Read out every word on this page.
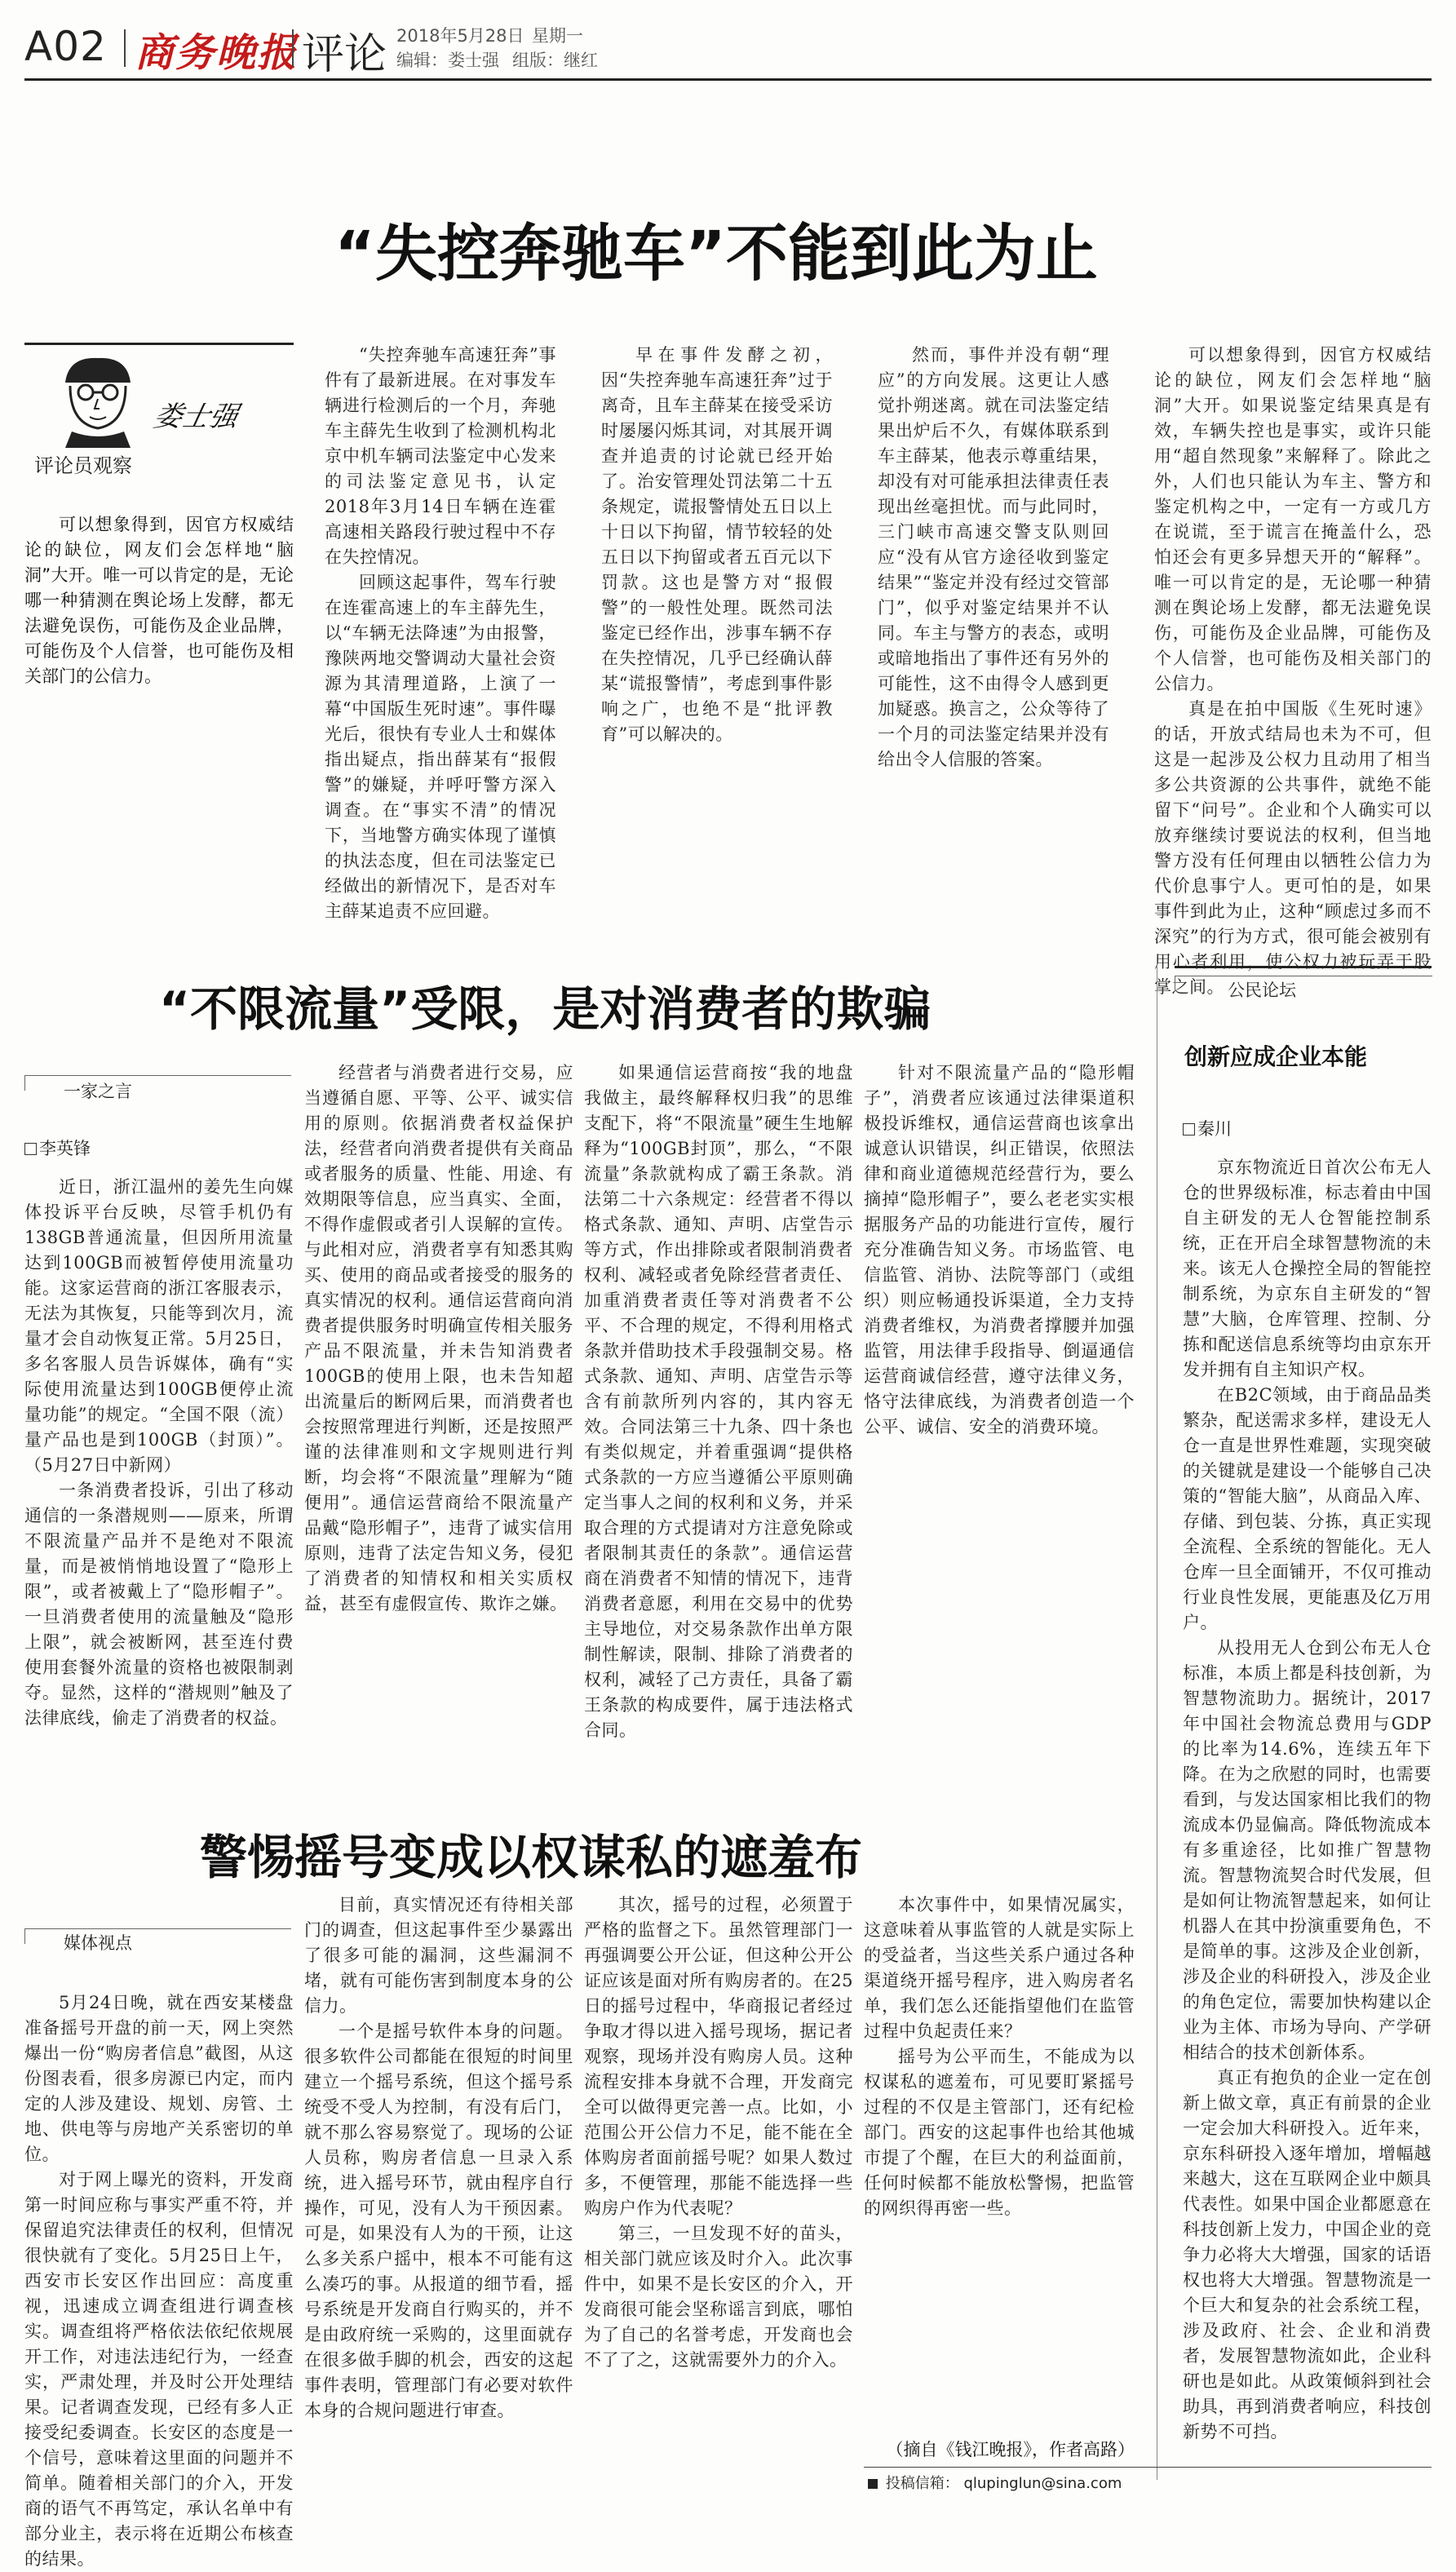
A02 商务晚报 评论 2018年5月28日 星期一
编辑：娄士强 组版：继红
“失控奔驰车”不能到此为止
娄士强
评论员观察
可以想象得到，因官方权威结论的缺位，网友们会怎样地“脑洞”大开。唯一可以肯定的是，无论哪一种猜测在舆论场上发酵，都无法避免误伤，可能伤及企业品牌，可能伤及个人信誉，也可能伤及相关部门的公信力。

“失控奔驰车高速狂奔”事件有了最新进展。在对事发车辆进行检测后的一个月，奔驰车主薛先生收到了检测机构北京中机车辆司法鉴定中心发来的司法鉴定意见书，认定2018年3月14日车辆在连霍高速相关路段行驶过程中不存在失控情况。

回顾这起事件，驾车行驶在连霍高速上的车主薛先生，以“车辆无法降速”为由报警，豫陕两地交警调动大量社会资源为其清理道路，上演了一幕“中国版生死时速”。事件曝光后，很快有专业人士和媒体指出疑点，指出薛某有“报假警”的嫌疑，并呼吁警方深入调查。在“事实不清”的情况下，当地警方确实体现了谨慎的执法态度，但在司法鉴定已经做出的新情况下，是否对车主薛某追责不应回避。

早在事件发酵之初，因“失控奔驰车高速狂奔”过于离奇，且车主薛某在接受采访时屡屡闪烁其词，对其展开调查并追责的讨论就已经开始了。治安管理处罚法第二十五条规定，谎报警情处五日以上十日以下拘留，情节较轻的处五日以下拘留或者五百元以下罚款。这也是警方对“报假警”的一般性处理。既然司法鉴定已经作出，涉事车辆不存在失控情况，几乎已经确认薛某“谎报警情”，考虑到事件影响之广，也绝不是“批评教育”可以解决的。

然而，事件并没有朝“理应”的方向发展。这更让人感觉扑朔迷离。就在司法鉴定结果出炉后不久，有媒体联系到车主薛某，他表示尊重结果，却没有对可能承担法律责任表现出丝毫担忧。而与此同时，三门峡市高速交警支队则回应“没有从官方途径收到鉴定结果”“鉴定并没有经过交管部门”，似乎对鉴定结果并不认同。车主与警方的表态，或明或暗地指出了事件还有另外的可能性，这不由得令人感到更加疑惑。换言之，公众等待了一个月的司法鉴定结果并没有给出令人信服的答案。

可以想象得到，因官方权威结论的缺位，网友们会怎样地“脑洞”大开。如果说鉴定结果真是有效，车辆失控也是事实，或许只能用“超自然现象”来解释了。除此之外，人们也只能认为车主、警方和鉴定机构之中，一定有一方或几方在说谎，至于谎言在掩盖什么，恐怕还会有更多异想天开的“解释”。唯一可以肯定的是，无论哪一种猜测在舆论场上发酵，都无法避免误伤，可能伤及企业品牌，可能伤及个人信誉，也可能伤及相关部门的公信力。

真是在拍中国版《生死时速》的话，开放式结局也未为不可，但这是一起涉及公权力且动用了相当多公共资源的公共事件，就绝不能留下“问号”。企业和个人确实可以放弃继续讨要说法的权利，但当地警方没有任何理由以牺牲公信力为代价息事宁人。更可怕的是，如果事件到此为止，这种“顾虑过多而不深究”的行为方式，很可能会被别有用心者利用，使公权力被玩弄于股掌之间。

“不限流量”受限，是对消费者的欺骗
一家之言
李英锋

近日，浙江温州的姜先生向媒体投诉平台反映，尽管手机仍有138GB普通流量，但因所用流量达到100GB而被暂停使用流量功能。这家运营商的浙江客服表示，无法为其恢复，只能等到次月，流量才会自动恢复正常。5月25日，多名客服人员告诉媒体，确有“实际使用流量达到100GB便停止流量功能”的规定。“全国不限（流）量产品也是到100GB（封顶）”。（5月27日中新网）

一条消费者投诉，引出了移动通信的一条潜规则——原来，所谓不限流量产品并不是绝对不限流量，而是被悄悄地设置了“隐形上限”，或者被戴上了“隐形帽子”。一旦消费者使用的流量触及“隐形上限”，就会被断网，甚至连付费使用套餐外流量的资格也被限制剥夺。显然，这样的“潜规则”触及了法律底线，偷走了消费者的权益。

经营者与消费者进行交易，应当遵循自愿、平等、公平、诚实信用的原则。依据消费者权益保护法，经营者向消费者提供有关商品或者服务的质量、性能、用途、有效期限等信息，应当真实、全面，不得作虚假或者引人误解的宣传。与此相对应，消费者享有知悉其购买、使用的商品或者接受的服务的真实情况的权利。通信运营商向消费者提供服务时明确宣传相关服务产品不限流量，并未告知消费者100GB的使用上限，也未告知超出流量后的断网后果，而消费者也会按照常理进行判断，还是按照严谨的法律准则和文字规则进行判断，均会将“不限流量”理解为“随便用”。通信运营商给不限流量产品戴“隐形帽子”，违背了诚实信用原则，违背了法定告知义务，侵犯了消费者的知情权和相关实质权益，甚至有虚假宣传、欺诈之嫌。

如果通信运营商按“我的地盘我做主，最终解释权归我”的思维支配下，将“不限流量”硬生生地解释为“100GB封顶”，那么，“不限流量”条款就构成了霸王条款。消法第二十六条规定：经营者不得以格式条款、通知、声明、店堂告示等方式，作出排除或者限制消费者权利、减轻或者免除经营者责任、加重消费者责任等对消费者不公平、不合理的规定，不得利用格式条款并借助技术手段强制交易。格式条款、通知、声明、店堂告示等含有前款所列内容的，其内容无效。合同法第三十九条、四十条也有类似规定，并着重强调“提供格式条款的一方应当遵循公平原则确定当事人之间的权利和义务，并采取合理的方式提请对方注意免除或者限制其责任的条款”。通信运营商在消费者不知情的情况下，违背消费者意愿，利用在交易中的优势主导地位，对交易条款作出单方限制性解读，限制、排除了消费者的权利，减轻了己方责任，具备了霸王条款的构成要件，属于违法格式合同。

针对不限流量产品的“隐形帽子”，消费者应该通过法律渠道积极投诉维权，通信运营商也该拿出诚意认识错误，纠正错误，依照法律和商业道德规范经营行为，要么摘掉“隐形帽子”，要么老老实实根据服务产品的功能进行宣传，履行充分准确告知义务。市场监管、电信监管、消协、法院等部门（或组织）则应畅通投诉渠道，全力支持消费者维权，为消费者撑腰并加强监管，用法律手段指导、倒逼通信运营商诚信经营，遵守法律义务，恪守法律底线，为消费者创造一个公平、诚信、安全的消费环境。

警惕摇号变成以权谋私的遮羞布
媒体视点

5月24日晚，就在西安某楼盘准备摇号开盘的前一天，网上突然爆出一份“购房者信息”截图，从这份图表看，很多房源已内定，而内定的人涉及建设、规划、房管、土地、供电等与房地产关系密切的单位。

对于网上曝光的资料，开发商第一时间应称与事实严重不符，并保留追究法律责任的权利，但情况很快就有了变化。5月25日上午，西安市长安区作出回应：高度重视，迅速成立调查组进行调查核实。调查组将严格依法依纪依规展开工作，对违法违纪行为，一经查实，严肃处理，并及时公开处理结果。记者调查发现，已经有多人正接受纪委调查。长安区的态度是一个信号，意味着这里面的问题并不简单。随着相关部门的介入，开发商的语气不再笃定，承认名单中有部分业主，表示将在近期公布核查的结果。

目前，真实情况还有待相关部门的调查，但这起事件至少暴露出了很多可能的漏洞，这些漏洞不堵，就有可能伤害到制度本身的公信力。

一个是摇号软件本身的问题。很多软件公司都能在很短的时间里建立一个摇号系统，但这个摇号系统受不受人为控制，有没有后门，就不那么容易察觉了。现场的公证人员称，购房者信息一旦录入系统，进入摇号环节，就由程序自行操作，可见，没有人为干预因素。可是，如果没有人为的干预，让这么多关系户摇中，根本不可能有这么凑巧的事。从报道的细节看，摇号系统是开发商自行购买的，并不是由政府统一采购的，这里面就存在很多做手脚的机会，西安的这起事件表明，管理部门有必要对软件本身的合规问题进行审查。

其次，摇号的过程，必须置于严格的监督之下。虽然管理部门一再强调要公开公证，但这种公开公证应该是面对所有购房者的。在25日的摇号过程中，华商报记者经过争取才得以进入摇号现场，据记者观察，现场并没有购房人员。这种流程安排本身就不合理，开发商完全可以做得更完善一点。比如，小范围公开公信力不足，能不能在全体购房者面前摇号呢？如果人数过多，不便管理，那能不能选择一些购房户作为代表呢？

第三，一旦发现不好的苗头，相关部门就应该及时介入。此次事件中，如果不是长安区的介入，开发商很可能会坚称谣言到底，哪怕为了自己的名誉考虑，开发商也会不了了之，这就需要外力的介入。

本次事件中，如果情况属实，这意味着从事监管的人就是实际上的受益者，当这些关系户通过各种渠道绕开摇号程序，进入购房者名单，我们怎么还能指望他们在监管过程中负起责任来？

摇号为公平而生，不能成为以权谋私的遮羞布，可见要盯紧摇号过程的不仅是主管部门，还有纪检部门。西安的这起事件也给其他城市提了个醒，在巨大的利益面前，任何时候都不能放松警惕，把监管的网织得再密一些。

（摘自《钱江晚报》，作者高路）
公民论坛
创新应成企业本能
秦川

京东物流近日首次公布无人仓的世界级标准，标志着由中国自主研发的无人仓智能控制系统，正在开启全球智慧物流的未来。该无人仓操控全局的智能控制系统，为京东自主研发的“智慧”大脑，仓库管理、控制、分拣和配送信息系统等均由京东开发并拥有自主知识产权。

在B2C领域，由于商品品类繁杂，配送需求多样，建设无人仓一直是世界性难题，实现突破的关键就是建设一个能够自己决策的“智能大脑”，从商品入库、存储、到包装、分拣，真正实现全流程、全系统的智能化。无人仓库一旦全面铺开，不仅可推动行业良性发展，更能惠及亿万用户。

从投用无人仓到公布无人仓标准，本质上都是科技创新，为智慧物流助力。据统计，2017年中国社会物流总费用与GDP的比率为14.6%，连续五年下降。在为之欣慰的同时，也需要看到，与发达国家相比我们的物流成本仍显偏高。降低物流成本有多重途径，比如推广智慧物流。智慧物流契合时代发展，但是如何让物流智慧起来，如何让机器人在其中扮演重要角色，不是简单的事。这涉及企业创新，涉及企业的科研投入，涉及企业的角色定位，需要加快构建以企业为主体、市场为导向、产学研相结合的技术创新体系。

真正有抱负的企业一定在创新上做文章，真正有前景的企业一定会加大科研投入。近年来，京东科研投入逐年增加，增幅越来越大，这在互联网企业中颇具代表性。如果中国企业都愿意在科技创新上发力，中国企业的竞争力必将大大增强，国家的话语权也将大大增强。智慧物流是一个巨大和复杂的社会系统工程，涉及政府、社会、企业和消费者，发展智慧物流如此，企业科研也是如此。从政策倾斜到社会助具，再到消费者响应，科技创新势不可挡。

投稿信箱： qlupinglun@sina.com
